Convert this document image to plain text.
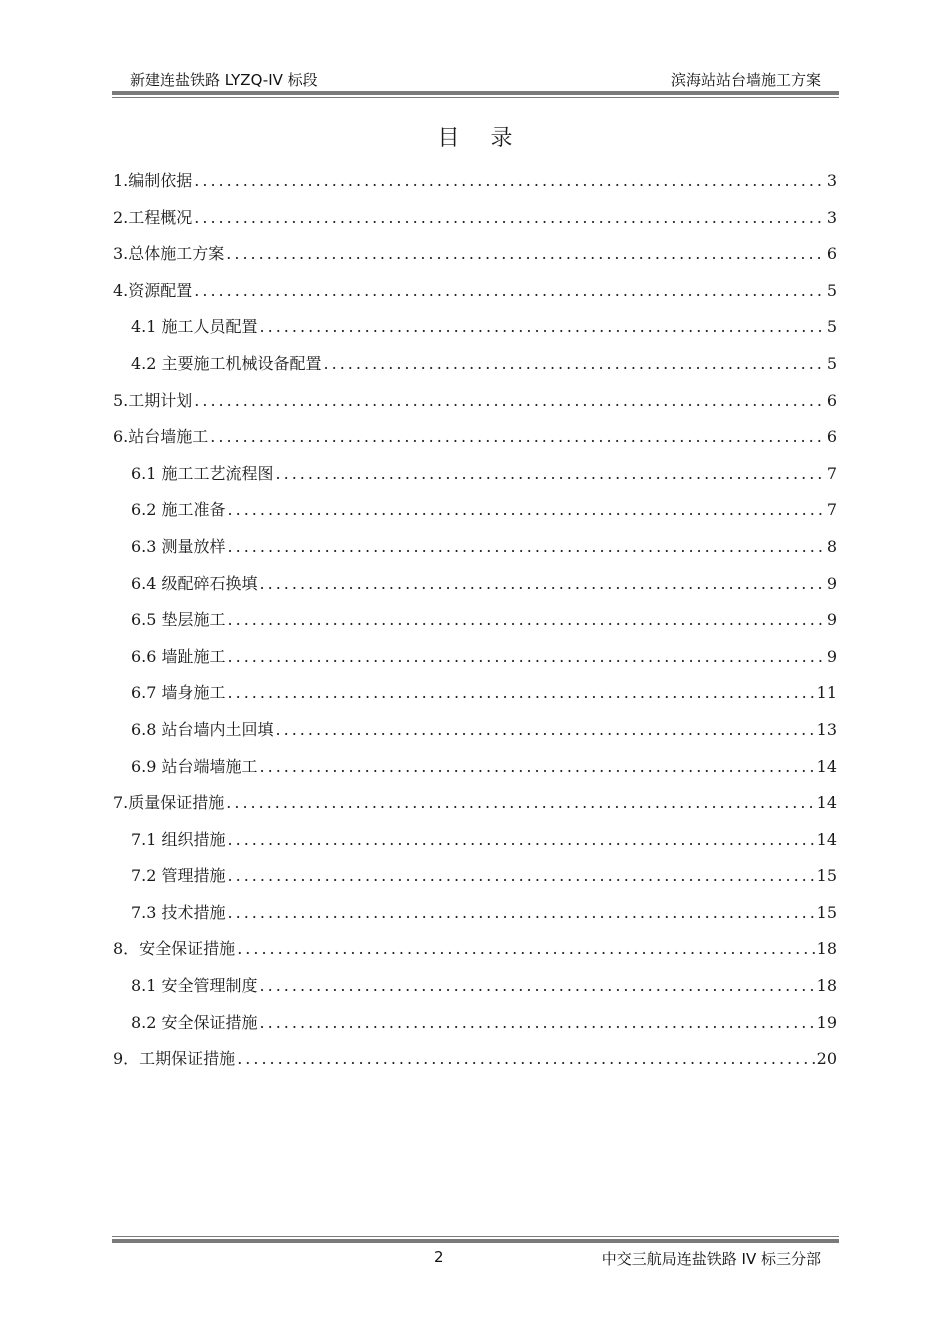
新建连盐铁路 LYZQ-IV 标段	滨海站站台墙施工方案
目 录
1.编制依据 .....	3
2.工程概况 .....	3
3.总体施工方案 .....	6
4.资源配置 .....	5
4.1 施工人员配置 .....	5
4.2 主要施工机械设备配置 .....	5
5.工期计划 .....	6
6.站台墙施工 .....	6
6.1 施工工艺流程图 .....	7
6.2 施工准备 .....	7
6.3 测量放样 .....	8
6.4 级配碎石换填 .....	9
6.5 垫层施工 .....	9
6.6 墙趾施工 .....	9
6.7 墙身施工 .....	11
6.8 站台墙内土回填 .....	13
6.9 站台端墙施工 .....	14
7.质量保证措施 .....	14
7.1 组织措施 .....	14
7.2 管理措施 .....	15
7.3 技术措施 .....	15
8．安全保证措施 .....	18
8.1 安全管理制度 .....	18
8.2 安全保证措施 .....	19
9．工期保证措施 .....	20
2	中交三航局连盐铁路 IV 标三分部
